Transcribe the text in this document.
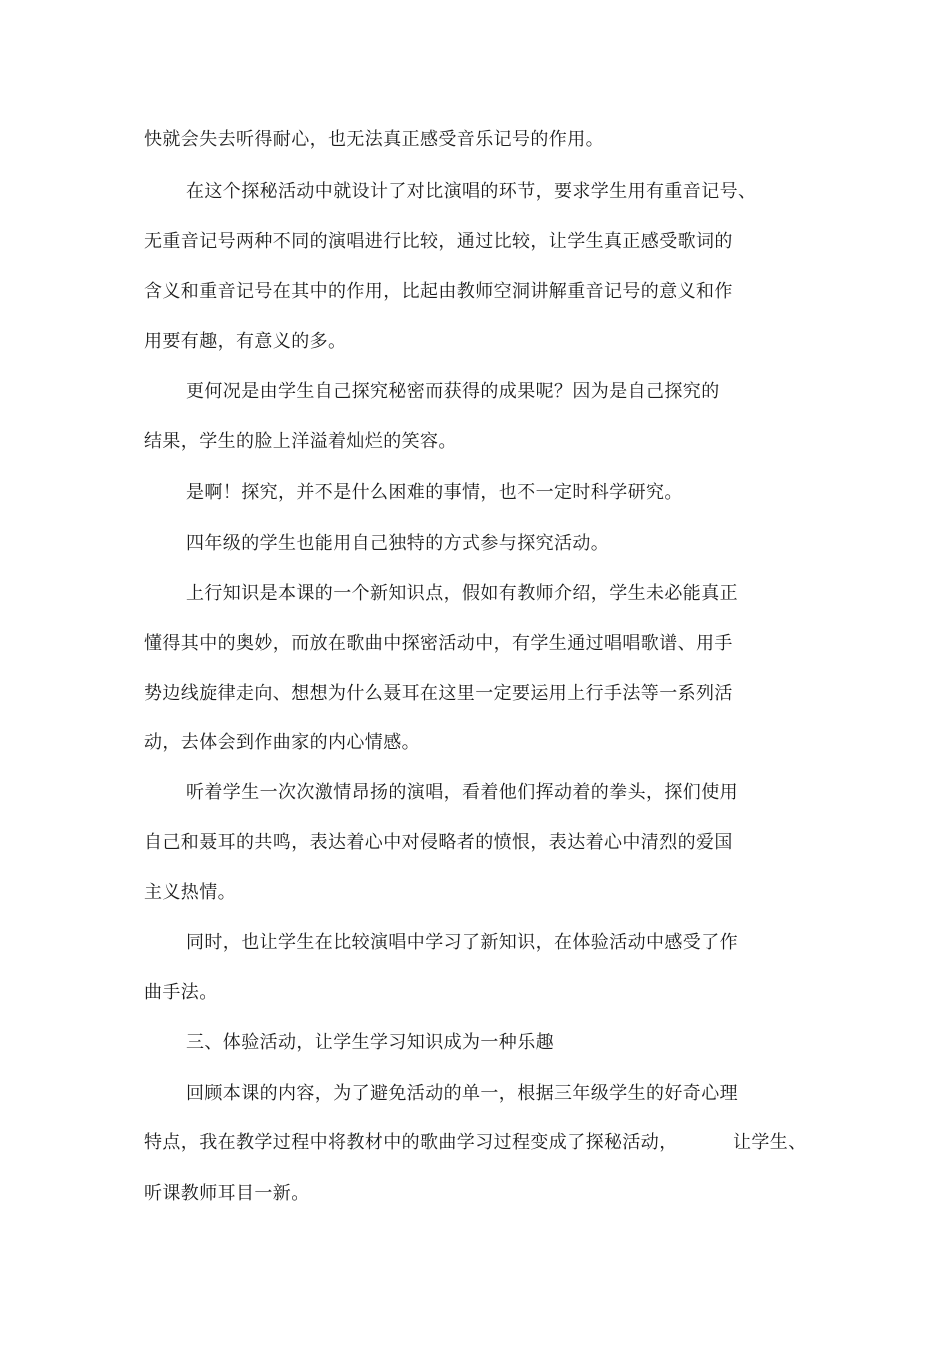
快就会失去听得耐心，也无法真正感受音乐记号的作用。
在这个探秘活动中就设计了对比演唱的环节，要求学生用有重音记号、
无重音记号两种不同的演唱进行比较，通过比较，让学生真正感受歌词的
含义和重音记号在其中的作用，比起由教师空洞讲解重音记号的意义和作
用要有趣，有意义的多。
更何况是由学生自己探究秘密而获得的成果呢？因为是自己探究的
结果，学生的脸上洋溢着灿烂的笑容。
是啊！探究，并不是什么困难的事情，也不一定时科学研究。
四年级的学生也能用自己独特的方式参与探究活动。
上行知识是本课的一个新知识点，假如有教师介绍，学生未必能真正
懂得其中的奥妙，而放在歌曲中探密活动中，有学生通过唱唱歌谱、用手
势边线旋律走向、想想为什么聂耳在这里一定要运用上行手法等一系列活
动，去体会到作曲家的内心情感。
听着学生一次次激情昂扬的演唱，看着他们挥动着的拳头，探们使用
自己和聂耳的共鸣，表达着心中对侵略者的愤恨，表达着心中清烈的爱国
主义热情。
同时，也让学生在比较演唱中学习了新知识，在体验活动中感受了作
曲手法。
三、体验活动，让学生学习知识成为一种乐趣
回顾本课的内容，为了避免活动的单一，根据三年级学生的好奇心理
特点，我在教学过程中将教材中的歌曲学习过程变成了探秘活动，	让学生、
听课教师耳目一新。
